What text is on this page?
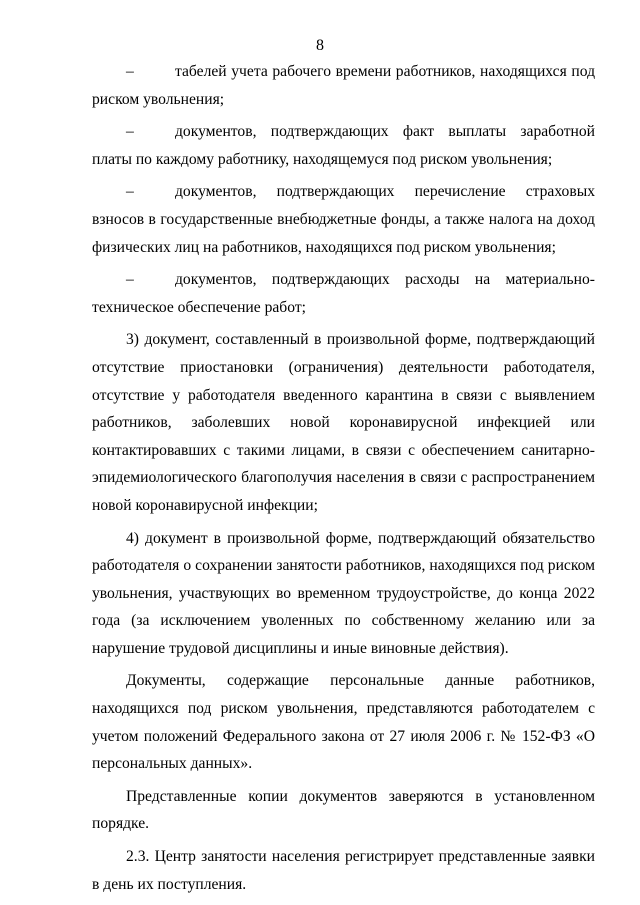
8

–	табелей учета рабочего времени работников, находящихся под риском увольнения;

–	документов, подтверждающих факт выплаты заработной платы по каждому работнику, находящемуся под риском увольнения;

–	документов, подтверждающих перечисление страховых взносов в государственные внебюджетные фонды, а также налога на доход физических лиц на работников, находящихся под риском увольнения;

–	документов, подтверждающих расходы на материально-техническое обеспечение работ;

3) документ, составленный в произвольной форме, подтверждающий отсутствие приостановки (ограничения) деятельности работодателя, отсутствие у работодателя введенного карантина в связи с выявлением работников, заболевших новой коронавирусной инфекцией или контактировавших с такими лицами, в связи с обеспечением санитарно-эпидемиологического благополучия населения в связи с распространением новой коронавирусной инфекции;

4) документ в произвольной форме, подтверждающий обязательство работодателя о сохранении занятости работников, находящихся под риском увольнения, участвующих во временном трудоустройстве, до конца 2022 года (за исключением уволенных по собственному желанию или за нарушение трудовой дисциплины и иные виновные действия).

Документы, содержащие персональные данные работников, находящихся под риском увольнения, представляются работодателем с учетом положений Федерального закона от 27 июля 2006 г. № 152-ФЗ «О персональных данных».

Представленные копии документов заверяются в установленном порядке.

2.3. Центр занятости населения регистрирует представленные заявки в день их поступления.
